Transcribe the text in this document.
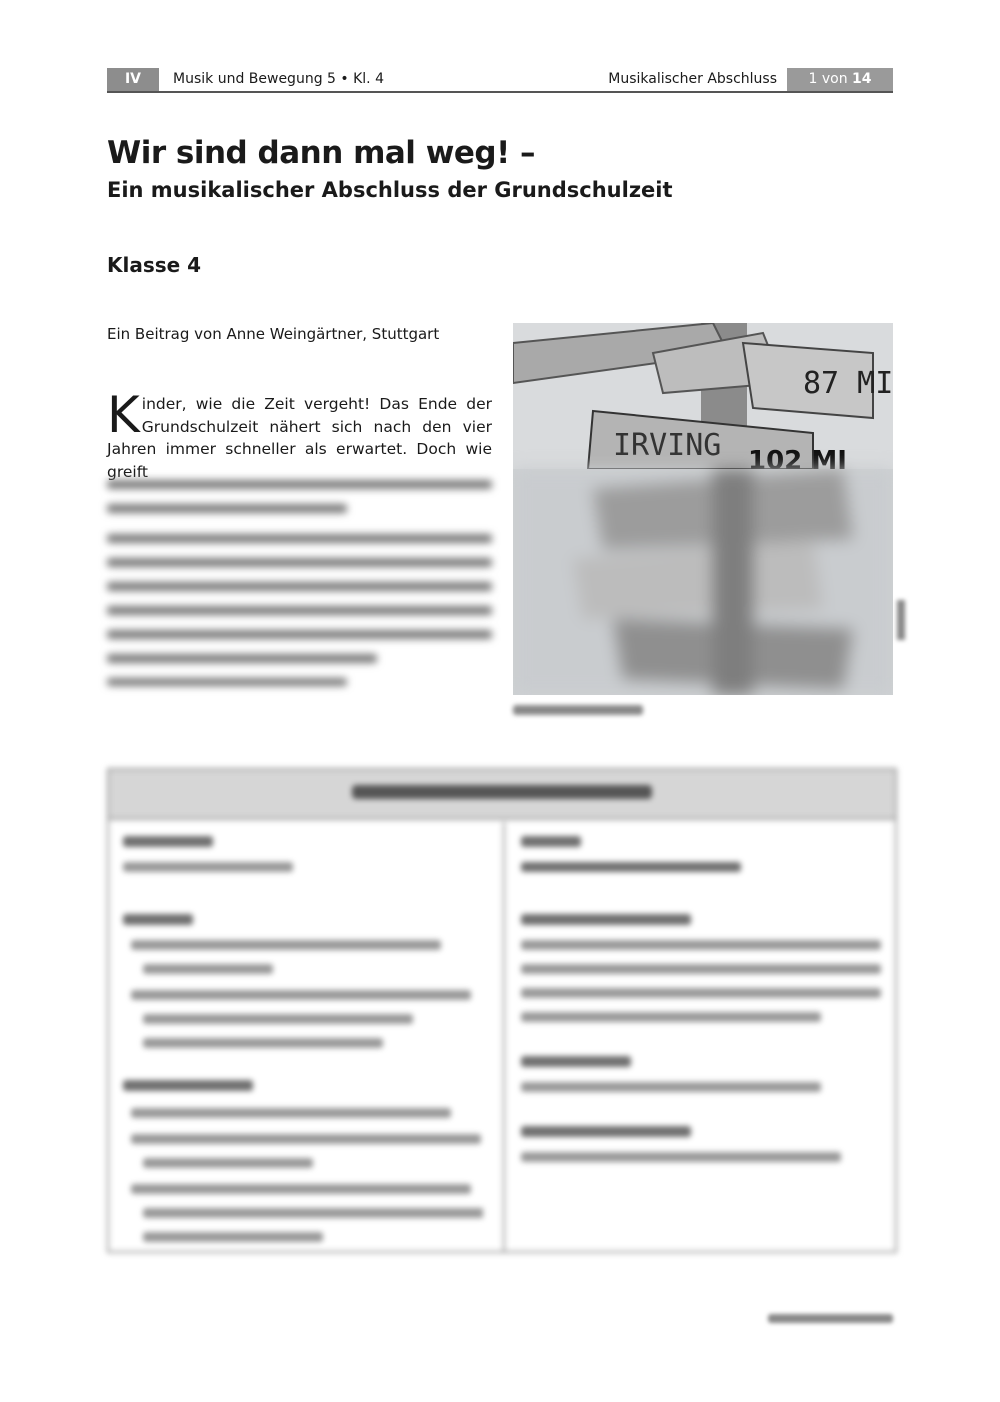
IV	Musik und Bewegung 5 • Kl. 4	Musikalischer Abschluss	1 von 14
Wir sind dann mal weg! –
Ein musikalischer Abschluss der Grundschulzeit
Klasse 4
Ein Beitrag von Anne Weingärtner, Stuttgart
Kinder, wie die Zeit vergeht! Das Ende der Grundschulzeit nähert sich nach den vier Jahren immer schneller als erwartet. Doch wie greift
87 MI
IRVING 102 MI
